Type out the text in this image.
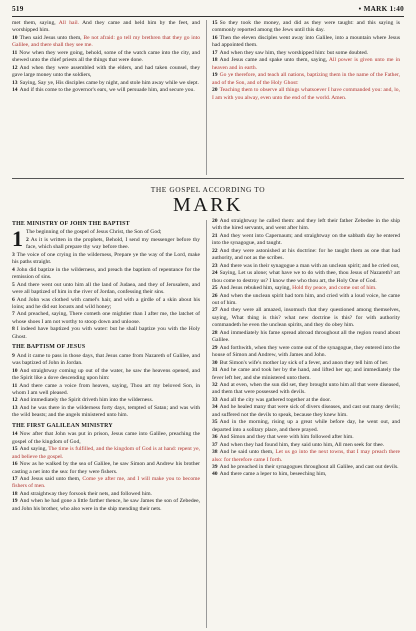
519	• MARK 1:40
met them, saying, All hail. And they came and held him by the feet, and worshipped him.
10 Then said Jesus unto them, Be not afraid: go tell my brethren that they go into Galilee, and there shall they see me.
11 Now when they were going, behold, some of the watch came into the city, and shewed unto the chief priests all the things that were done.
12 And when they were assembled with the elders, and had taken counsel, they gave large money unto the soldiers,
13 Saying, Say ye, His disciples came by night, and stole him away while we slept.
14 And if this come to the governor's ears, we will persuade him, and secure you.
15 So they took the money, and did as they were taught: and this saying is commonly reported among the Jews until this day.
16 Then the eleven disciples went away into Galilee, into a mountain where Jesus had appointed them.
17 And when they saw him, they worshipped him: but some doubted.
18 And Jesus came and spake unto them, saying, All power is given unto me in heaven and in earth.
19 Go ye therefore, and teach all nations, baptizing them in the name of the Father, and of the Son, and of the Holy Ghost:
20 Teaching them to observe all things whatsoever I have commanded you: and, lo, I am with you alway, even unto the end of the world. Amen.
THE GOSPEL ACCORDING TO
MARK
THE MINISTRY OF JOHN THE BAPTIST
1 The beginning of the gospel of Jesus Christ, the Son of God;
2 As it is written in the prophets, Behold, I send my messenger before thy face, which shall prepare thy way before thee.
3 The voice of one crying in the wilderness, Prepare ye the way of the Lord, make his paths straight.
4 John did baptize in the wilderness, and preach the baptism of repentance for the remission of sins.
5 And there went out unto him all the land of Judaea, and they of Jerusalem, and were all baptized of him in the river of Jordan, confessing their sins.
6 And John was clothed with camel's hair, and with a girdle of a skin about his loins; and he did eat locusts and wild honey;
7 And preached, saying, There cometh one mightier than I after me, the latchet of whose shoes I am not worthy to stoop down and unloose.
8 I indeed have baptized you with water: but he shall baptize you with the Holy Ghost.
THE BAPTISM OF JESUS
9 And it came to pass in those days, that Jesus came from Nazareth of Galilee, and was baptized of John in Jordan.
10 And straightway coming up out of the water, he saw the heavens opened, and the Spirit like a dove descending upon him:
11 And there came a voice from heaven, saying, Thou art my beloved Son, in whom I am well pleased.
12 And immediately the Spirit driveth him into the wilderness.
13 And he was there in the wilderness forty days, tempted of Satan; and was with the wild beasts; and the angels ministered unto him.
THE FIRST GALILEAN MINISTRY
14 Now after that John was put in prison, Jesus came into Galilee, preaching the gospel of the kingdom of God,
15 And saying, The time is fulfilled, and the kingdom of God is at hand: repent ye, and believe the gospel.
16 Now as he walked by the sea of Galilee, he saw Simon and Andrew his brother casting a net into the sea: for they were fishers.
17 And Jesus said unto them, Come ye after me, and I will make you to become fishers of men.
18 And straightway they forsook their nets, and followed him.
19 And when he had gone a little farther thence, he saw James the son of Zebedee, and John his brother, who also were in the ship mending their nets.
20 And straightway he called them: and they left their father Zebedee in the ship with the hired servants, and went after him.
21 And they went into Capernaum; and straightway on the sabbath day he entered into the synagogue, and taught.
22 And they were astonished at his doctrine: for he taught them as one that had authority, and not as the scribes.
23 And there was in their synagogue a man with an unclean spirit; and he cried out,
24 Saying, Let us alone; what have we to do with thee, thou Jesus of Nazareth? art thou come to destroy us? I know thee who thou art, the Holy One of God.
25 And Jesus rebuked him, saying, Hold thy peace, and come out of him.
26 And when the unclean spirit had torn him, and cried with a loud voice, he came out of him.
27 And they were all amazed, insomuch that they questioned among themselves, saying, What thing is this? what new doctrine is this? for with authority commandeth he even the unclean spirits, and they do obey him.
28 And immediately his fame spread abroad throughout all the region round about Galilee.
29 And forthwith, when they were come out of the synagogue, they entered into the house of Simon and Andrew, with James and John.
30 But Simon's wife's mother lay sick of a fever, and anon they tell him of her.
31 And he came and took her by the hand, and lifted her up; and immediately the fever left her, and she ministered unto them.
32 And at even, when the sun did set, they brought unto him all that were diseased, and them that were possessed with devils.
33 And all the city was gathered together at the door.
34 And he healed many that were sick of divers diseases, and cast out many devils; and suffered not the devils to speak, because they knew him.
35 And in the morning, rising up a great while before day, he went out, and departed into a solitary place, and there prayed.
36 And Simon and they that were with him followed after him.
37 And when they had found him, they said unto him, All men seek for thee.
38 And he said unto them, Let us go into the next towns, that I may preach there also: for therefore came I forth.
39 And he preached in their synagogues throughout all Galilee, and cast out devils.
40 And there came a leper to him, beseeching him,
